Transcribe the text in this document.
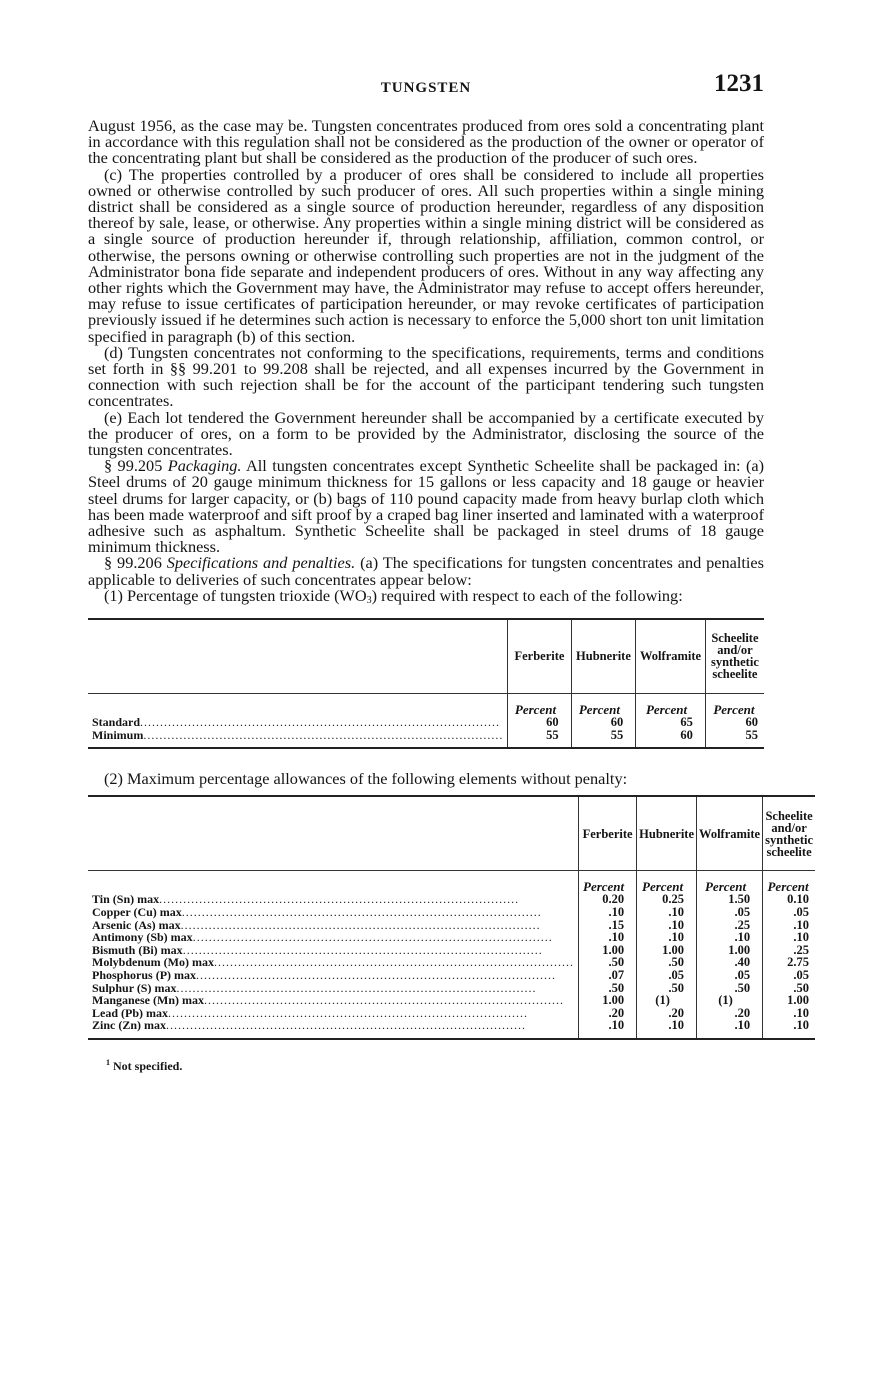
TUNGSTEN	1231

August 1956, as the case may be. Tungsten concentrates produced from ores sold a concentrating plant in accordance with this regulation shall not be considered as the production of the owner or operator of the concentrating plant but shall be considered as the production of the producer of such ores.

(c) The properties controlled by a producer of ores shall be considered to include all properties owned or otherwise controlled by such producer of ores. All such properties within a single mining district shall be considered as a single source of production hereunder, regardless of any disposition thereof by sale, lease, or otherwise. Any properties within a single mining district will be considered as a single source of production hereunder if, through relationship, affiliation, common control, or otherwise, the persons owning or otherwise controlling such properties are not in the judgment of the Administrator bona fide separate and independent producers of ores. Without in any way affecting any other rights which the Government may have, the Administrator may refuse to accept offers hereunder, may refuse to issue certificates of participation hereunder, or may revoke certificates of participation previously issued if he determines such action is necessary to enforce the 5,000 short ton unit limitation specified in paragraph (b) of this section.

(d) Tungsten concentrates not conforming to the specifications, requirements, terms and conditions set forth in §§ 99.201 to 99.208 shall be rejected, and all expenses incurred by the Government in connection with such rejection shall be for the account of the participant tendering such tungsten concentrates.

(e) Each lot tendered the Government hereunder shall be accompanied by a certificate executed by the producer of ores, on a form to be provided by the Administrator, disclosing the source of the tungsten concentrates.

§ 99.205 Packaging. All tungsten concentrates except Synthetic Scheelite shall be packaged in: (a) Steel drums of 20 gauge minimum thickness for 15 gallons or less capacity and 18 gauge or heavier steel drums for larger capacity, or (b) bags of 110 pound capacity made from heavy burlap cloth which has been made waterproof and sift proof by a craped bag liner inserted and laminated with a waterproof adhesive such as asphaltum. Synthetic Scheelite shall be packaged in steel drums of 18 gauge minimum thickness.

§ 99.206 Specifications and penalties. (a) The specifications for tungsten concentrates and penalties applicable to deliveries of such concentrates appear below:

(1) Percentage of tungsten trioxide $(WO_3)$ required with respect to each of the following:

	Ferberite	Hubnerite	Wolframite	Scheelite and/or synthetic scheelite
	Percent	Percent	Percent	Percent
Standard..........................................................................................	60	60	65	60
Minimum..........................................................................................	55	55	60	55

(2) Maximum percentage allowances of the following elements without penalty:

	Ferberite	Hubnerite	Wolframite	Scheelite and/or synthetic scheelite
	Percent	Percent	Percent	Percent
Tin (Sn) max..........................................................................................	0.20	0.25	1.50	0.10
Copper (Cu) max..........................................................................................	.10	.10	.05	.05
Arsenic (As) max..........................................................................................	.15	.10	.25	.10
Antimony (Sb) max..........................................................................................	.10	.10	.10	.10
Bismuth (Bi) max..........................................................................................	1.00	1.00	1.00	.25
Molybdenum (Mo) max..........................................................................................	.50	.50	.40	2.75
Phosphorus (P) max..........................................................................................	.07	.05	.05	.05
Sulphur (S) max..........................................................................................	.50	.50	.50	.50
Manganese (Mn) max..........................................................................................	1.00	(1)	(1)	1.00
Lead (Pb) max..........................................................................................	.20	.20	.20	.10
Zinc (Zn) max..........................................................................................	.10	.10	.10	.10
$^1$ Not specified.
